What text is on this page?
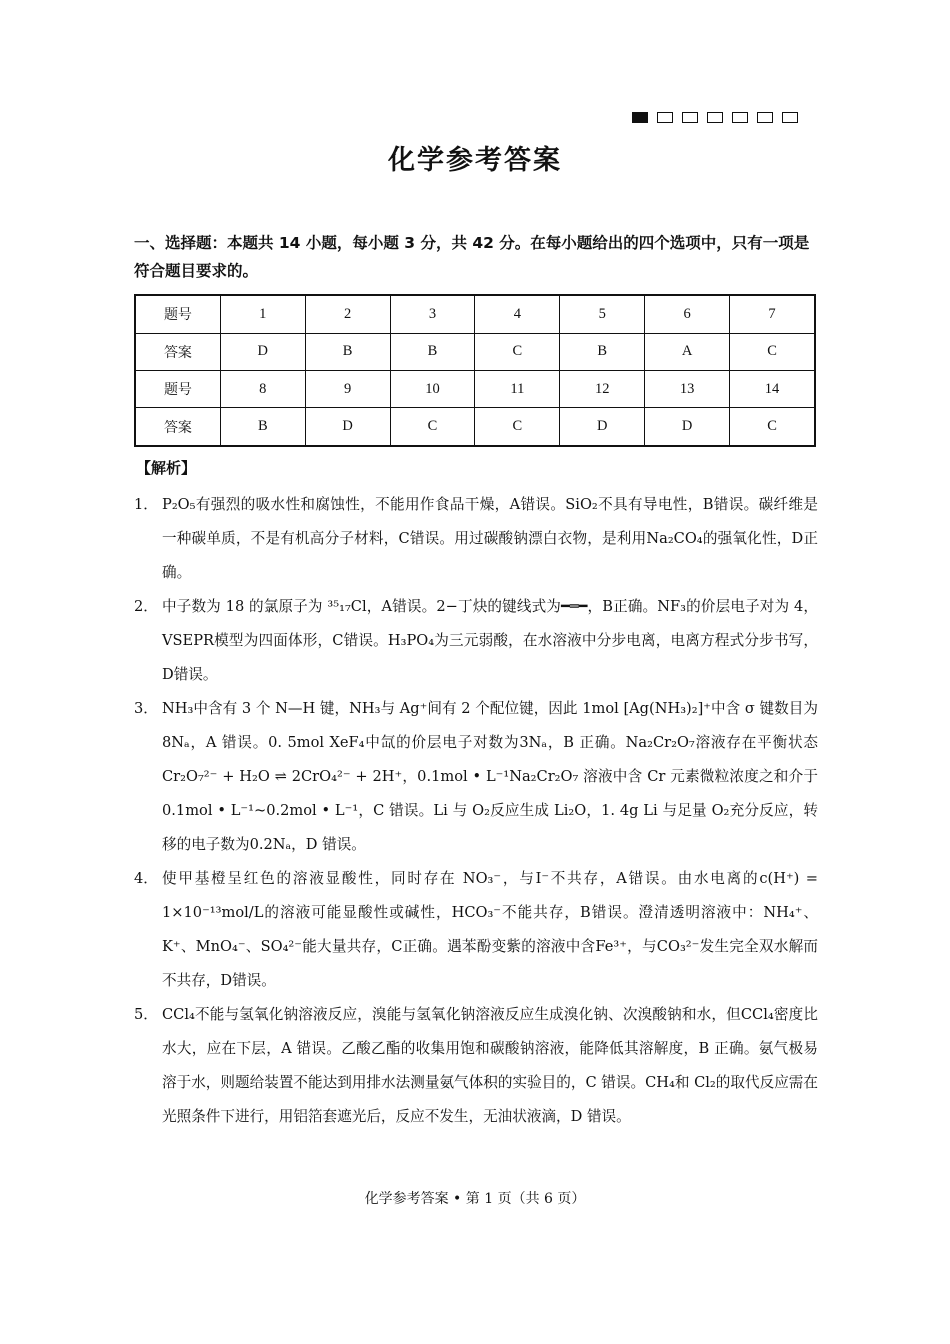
化学参考答案
一、选择题：本题共 14 小题，每小题 3 分，共 42 分。在每小题给出的四个选项中，只有一项是符合题目要求的。
题号	1	2	3	4	5	6	7
答案	D	B	B	C	B	A	C
题号	8	9	10	11	12	13	14
答案	B	D	C	C	D	D	C
【解析】
1． P₂O₅有强烈的吸水性和腐蚀性，不能用作食品干燥，A错误。SiO₂不具有导电性，B错误。碳纤维是一种碳单质，不是有机高分子材料，C错误。用过碳酸钠漂白衣物，是利用Na₂CO₄的强氧化性，D正确。
2． 中子数为 18 的氯原子为 ³⁵₁₇Cl，A错误。2−丁炔的键线式为━═━，B正确。NF₃的价层电子对为 4，VSEPR模型为四面体形，C错误。H₃PO₄为三元弱酸，在水溶液中分步电离，电离方程式分步书写，D错误。
3． NH₃中含有 3 个 N—H 键，NH₃与 Ag⁺间有 2 个配位键，因此 1mol [Ag(NH₃)₂]⁺中含 σ 键数目为8Nₐ，A 错误。0. 5mol XeF₄中氙的价层电子对数为3Nₐ，B 正确。Na₂Cr₂O₇溶液存在平衡状态 Cr₂O₇²⁻ + H₂O ⇌ 2CrO₄²⁻ + 2H⁺，0.1mol • L⁻¹Na₂Cr₂O₇ 溶液中含 Cr 元素微粒浓度之和介于 0.1mol • L⁻¹~0.2mol • L⁻¹，C 错误。Li 与 O₂反应生成 Li₂O，1. 4g Li 与足量 O₂充分反应，转移的电子数为0.2Nₐ，D 错误。
4． 使甲基橙呈红色的溶液显酸性，同时存在 NO₃⁻，与I⁻不共存，A错误。由水电离的c(H⁺) = 1×10⁻¹³mol/L的溶液可能显酸性或碱性，HCO₃⁻不能共存，B错误。澄清透明溶液中：NH₄⁺、K⁺、MnO₄⁻、SO₄²⁻能大量共存，C正确。遇苯酚变紫的溶液中含Fe³⁺，与CO₃²⁻发生完全双水解而不共存，D错误。
5． CCl₄不能与氢氧化钠溶液反应，溴能与氢氧化钠溶液反应生成溴化钠、次溴酸钠和水，但CCl₄密度比水大，应在下层，A 错误。乙酸乙酯的收集用饱和碳酸钠溶液，能降低其溶解度，B 正确。氨气极易溶于水，则题给装置不能达到用排水法测量氨气体积的实验目的，C 错误。CH₄和 Cl₂的取代反应需在光照条件下进行，用铝箔套遮光后，反应不发生，无油状液滴，D 错误。
化学参考答案 • 第 1 页（共 6 页）
